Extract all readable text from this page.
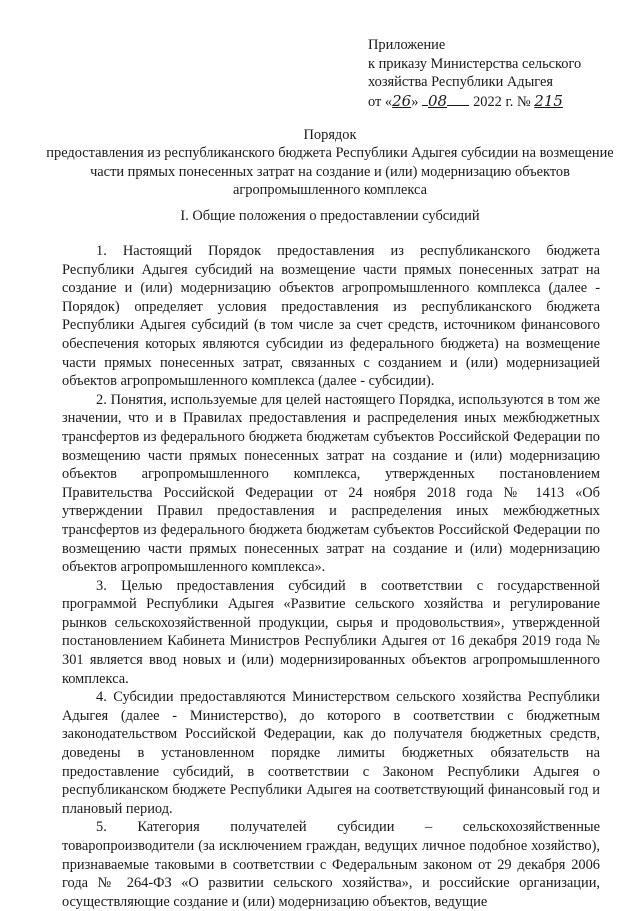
Приложение
к приказу Министерства сельского
хозяйства Республики Адыгея
от «26» 08 2022 г. № 215
Порядок
предоставления из республиканского бюджета Республики Адыгея субсидии на возмещение части прямых понесенных затрат на создание и (или) модернизацию объектов агропромышленного комплекса
I. Общие положения о предоставлении субсидий

1. Настоящий Порядок предоставления из республиканского бюджета Республики Адыгея субсидий на возмещение части прямых понесенных затрат на создание и (или) модернизацию объектов агропромышленного комплекса (далее - Порядок) определяет условия предоставления из республиканского бюджета Республики Адыгея субсидий (в том числе за счет средств, источником финансового обеспечения которых являются субсидии из федерального бюджета) на возмещение части прямых понесенных затрат, связанных с созданием и (или) модернизацией объектов агропромышленного комплекса (далее - субсидии).

2. Понятия, используемые для целей настоящего Порядка, используются в том же значении, что и в Правилах предоставления и распределения иных межбюджетных трансфертов из федерального бюджета бюджетам субъектов Российской Федерации по возмещению части прямых понесенных затрат на создание и (или) модернизацию объектов агропромышленного комплекса, утвержденных постановлением Правительства Российской Федерации от 24 ноября 2018 года № 1413 «Об утверждении Правил предоставления и распределения иных межбюджетных трансфертов из федерального бюджета бюджетам субъектов Российской Федерации по возмещению части прямых понесенных затрат на создание и (или) модернизацию объектов агропромышленного комплекса».

3. Целью предоставления субсидий в соответствии с государственной программой Республики Адыгея «Развитие сельского хозяйства и регулирование рынков сельскохозяйственной продукции, сырья и продовольствия», утвержденной постановлением Кабинета Министров Республики Адыгея от 16 декабря 2019 года № 301 является ввод новых и (или) модернизированных объектов агропромышленного комплекса.

4. Субсидии предоставляются Министерством сельского хозяйства Республики Адыгея (далее - Министерство), до которого в соответствии с бюджетным законодательством Российской Федерации, как до получателя бюджетных средств, доведены в установленном порядке лимиты бюджетных обязательств на предоставление субсидий, в соответствии с Законом Республики Адыгея о республиканском бюджете Республики Адыгея на соответствующий финансовый год и плановый период.

5. Категория получателей субсидии – сельскохозяйственные товаропроизводители (за исключением граждан, ведущих личное подобное хозяйство), признаваемые таковыми в соответствии с Федеральным законом от 29 декабря 2006 года № 264-ФЗ «О развитии сельского хозяйства», и российские организации, осуществляющие создание и (или) модернизацию объектов, ведущие
